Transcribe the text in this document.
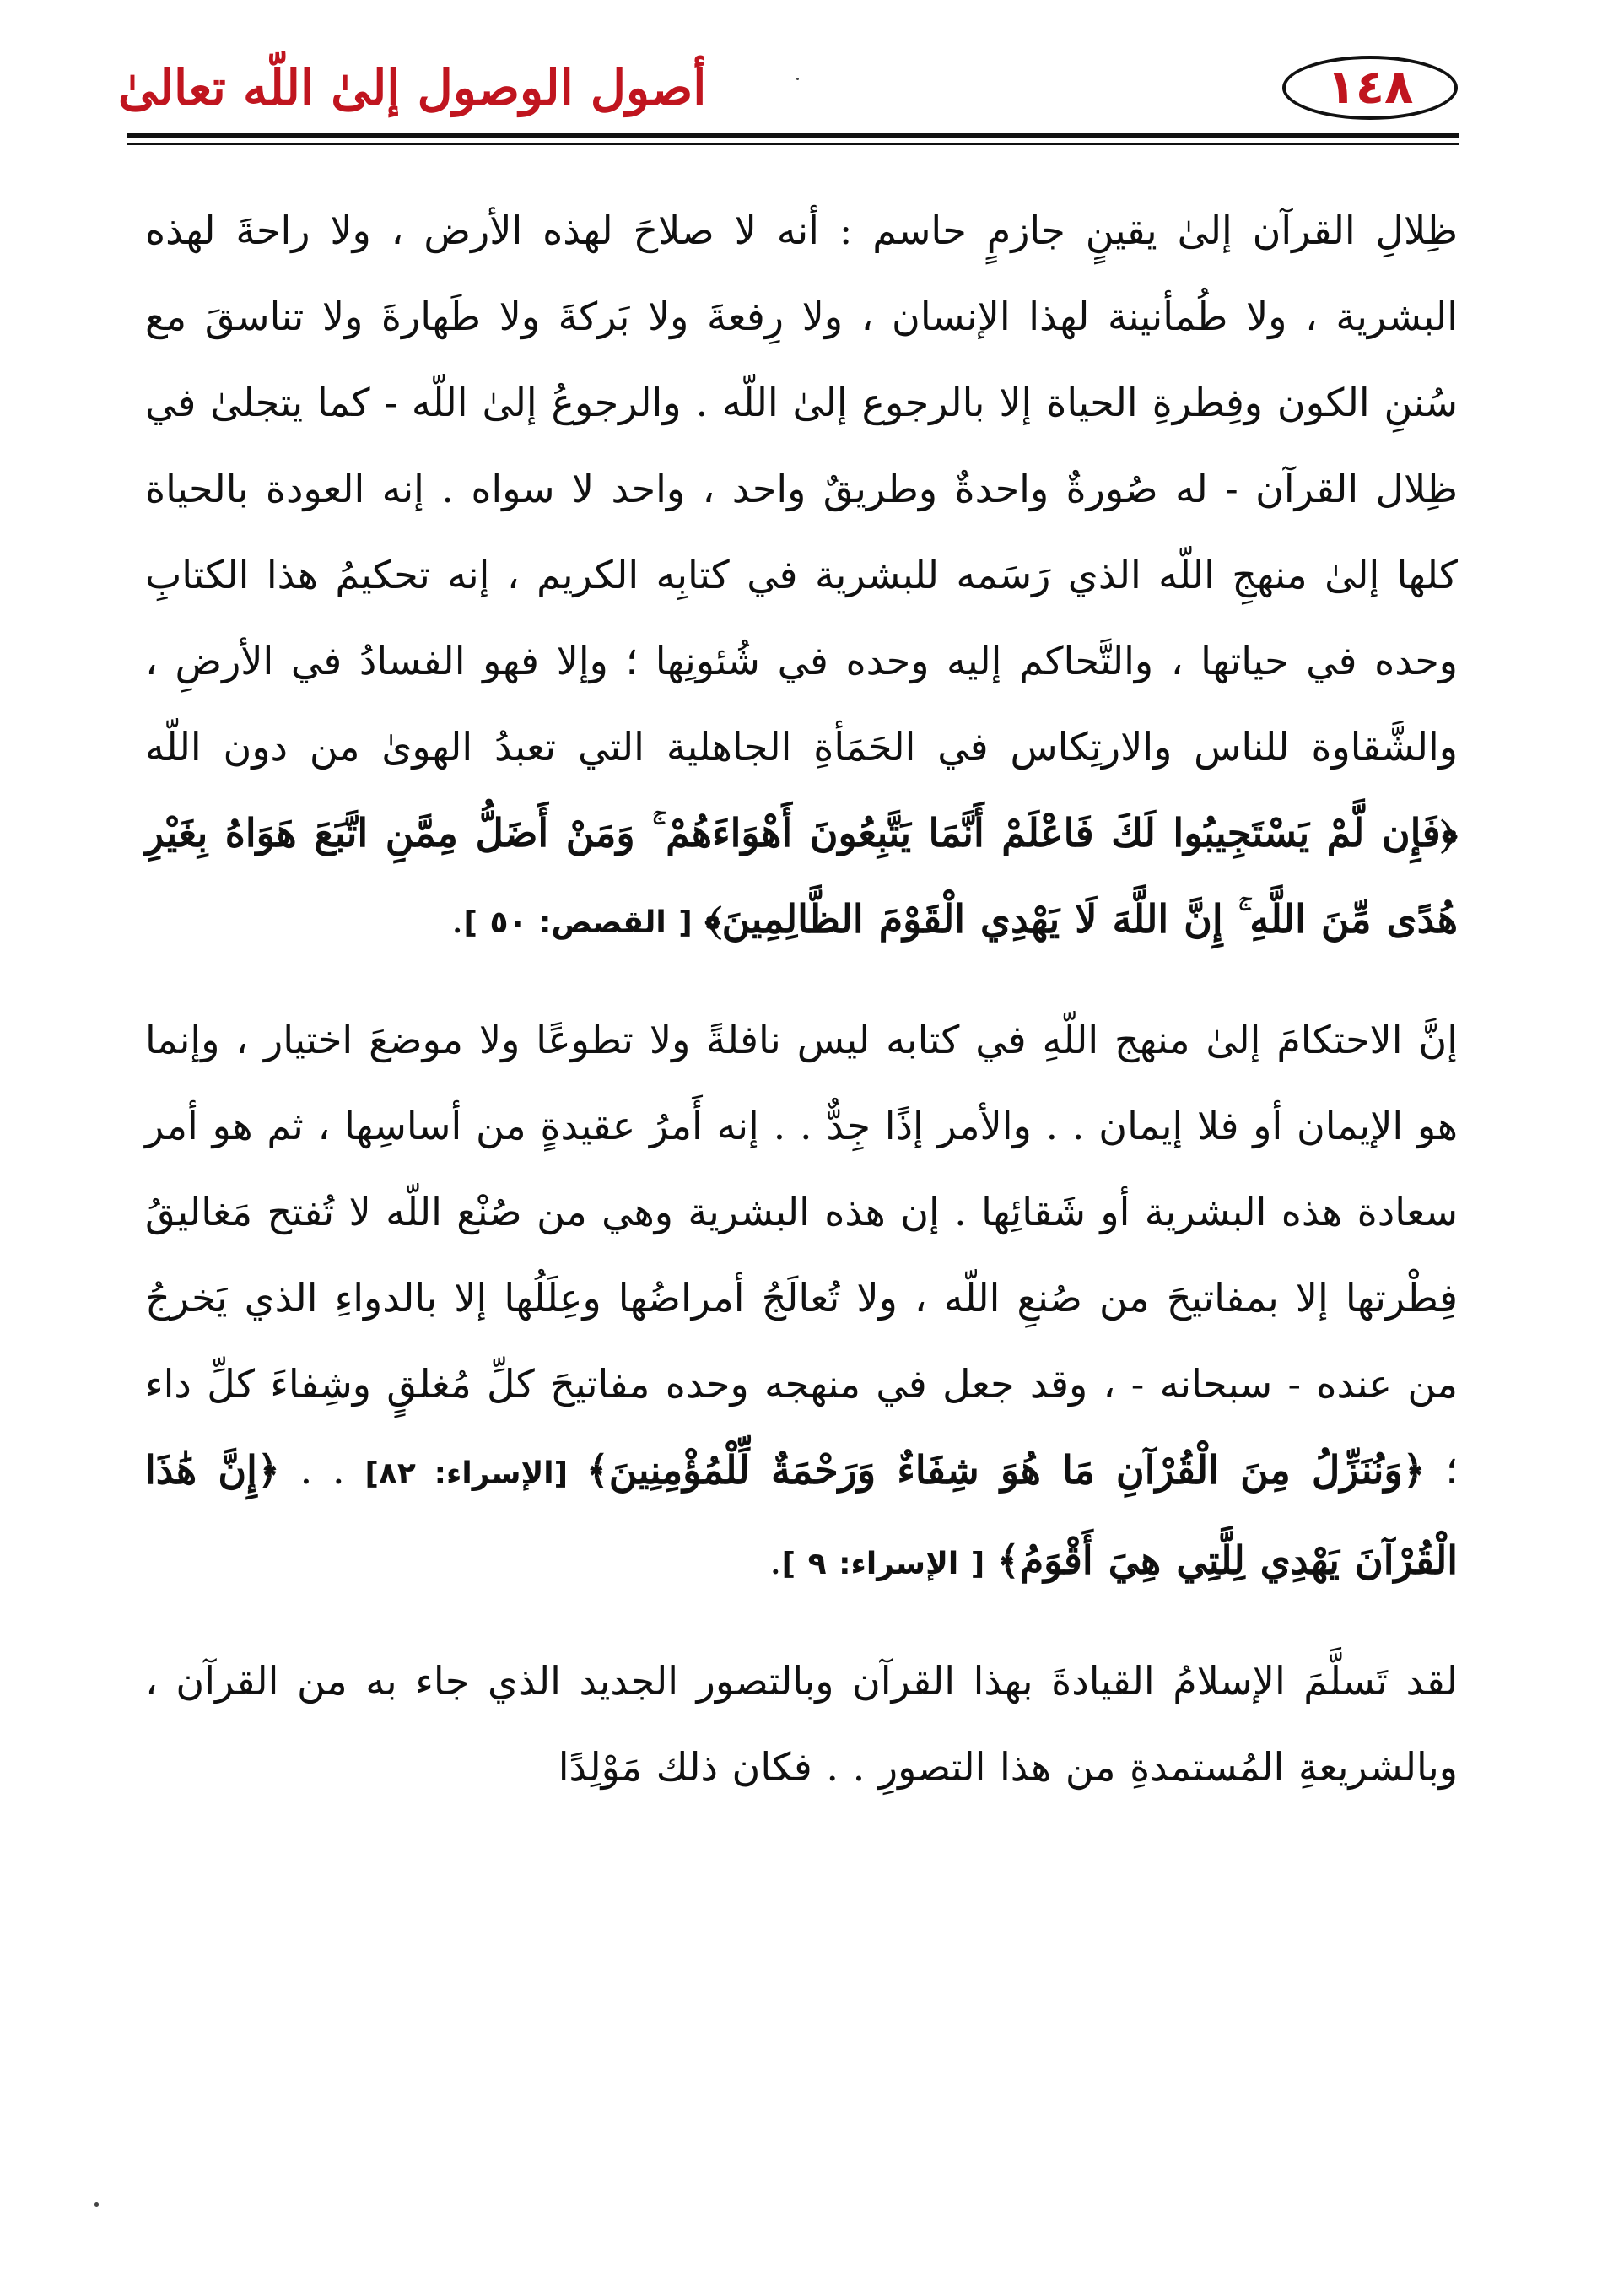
١٤٨
أصول الوصول إلىٰ اللّه تعالىٰ

ظِلالِ القرآن إلىٰ يقينٍ جازمٍ حاسم : أنه لا صلاحَ لهذه الأرض ، ولا راحةَ لهذه البشرية ، ولا طُمأنينة لهذا الإنسان ، ولا رِفعةَ ولا بَركةَ ولا طَهارةَ ولا تناسقَ مع سُننِ الكون وفِطرةِ الحياة إلا بالرجوع إلىٰ اللّه . والرجوعُ إلىٰ اللّه - كما يتجلىٰ في ظِلال القرآن - له صُورةٌ واحدةٌ وطريقٌ واحد ، واحد لا سواه . إنه العودة بالحياة كلها إلىٰ منهجِ اللّه الذي رَسَمه للبشرية في كتابِه الكريم ، إنه تحكيمُ هذا الكتابِ وحده في حياتها ، والتَّحاكم إليه وحده في شُئونِها ؛ وإلا فهو الفسادُ في الأرضِ ، والشَّقاوة للناس والارتِكاس في الحَمَأةِ الجاهلية التي تعبدُ الهوىٰ من دون اللّه ﴿فَإِن لَّمْ يَسْتَجِيبُوا لَكَ فَاعْلَمْ أَنَّمَا يَتَّبِعُونَ أَهْوَاءَهُمْ ۚ وَمَنْ أَضَلُّ مِمَّنِ اتَّبَعَ هَوَاهُ بِغَيْرِ هُدًى مِّنَ اللَّهِ ۚ إِنَّ اللَّهَ لَا يَهْدِي الْقَوْمَ الظَّالِمِينَ﴾ [ القصص: ٥٠ ].

إنَّ الاحتكامَ إلىٰ منهج اللّهِ في كتابه ليس نافلةً ولا تطوعًا ولا موضعَ اختيار ، وإنما هو الإيمان أو فلا إيمان . . والأمر إذًا جِدٌّ . . إنه أَمرُ عقيدةٍ من أساسِها ، ثم هو أمر سعادة هذه البشرية أو شَقائِها . إن هذه البشرية وهي من صُنْع اللّه لا تُفتح مَغاليقُ فِطْرتها إلا بمفاتيحَ من صُنعِ اللّه ، ولا تُعالَجُ أمراضُها وعِلَلُها إلا بالدواءِ الذي يَخرجُ من عنده - سبحانه - ، وقد جعل في منهجه وحده مفاتيحَ كلِّ مُغلقٍ وشِفاءَ كلِّ داء ؛ ﴿وَنُنَزِّلُ مِنَ الْقُرْآنِ مَا هُوَ شِفَاءٌ وَرَحْمَةٌ لِّلْمُؤْمِنِينَ﴾ [الإسراء: ٨٢] . . ﴿إِنَّ هَٰذَا الْقُرْآنَ يَهْدِي لِلَّتِي هِيَ أَقْوَمُ﴾ [ الإسراء: ٩ ].

لقد تَسلَّمَ الإسلامُ القيادةَ بهذا القرآن وبالتصور الجديد الذي جاء به من القرآن ، وبالشريعةِ المُستمدةِ من هذا التصورِ . . فكان ذلك مَوْلِدًا
